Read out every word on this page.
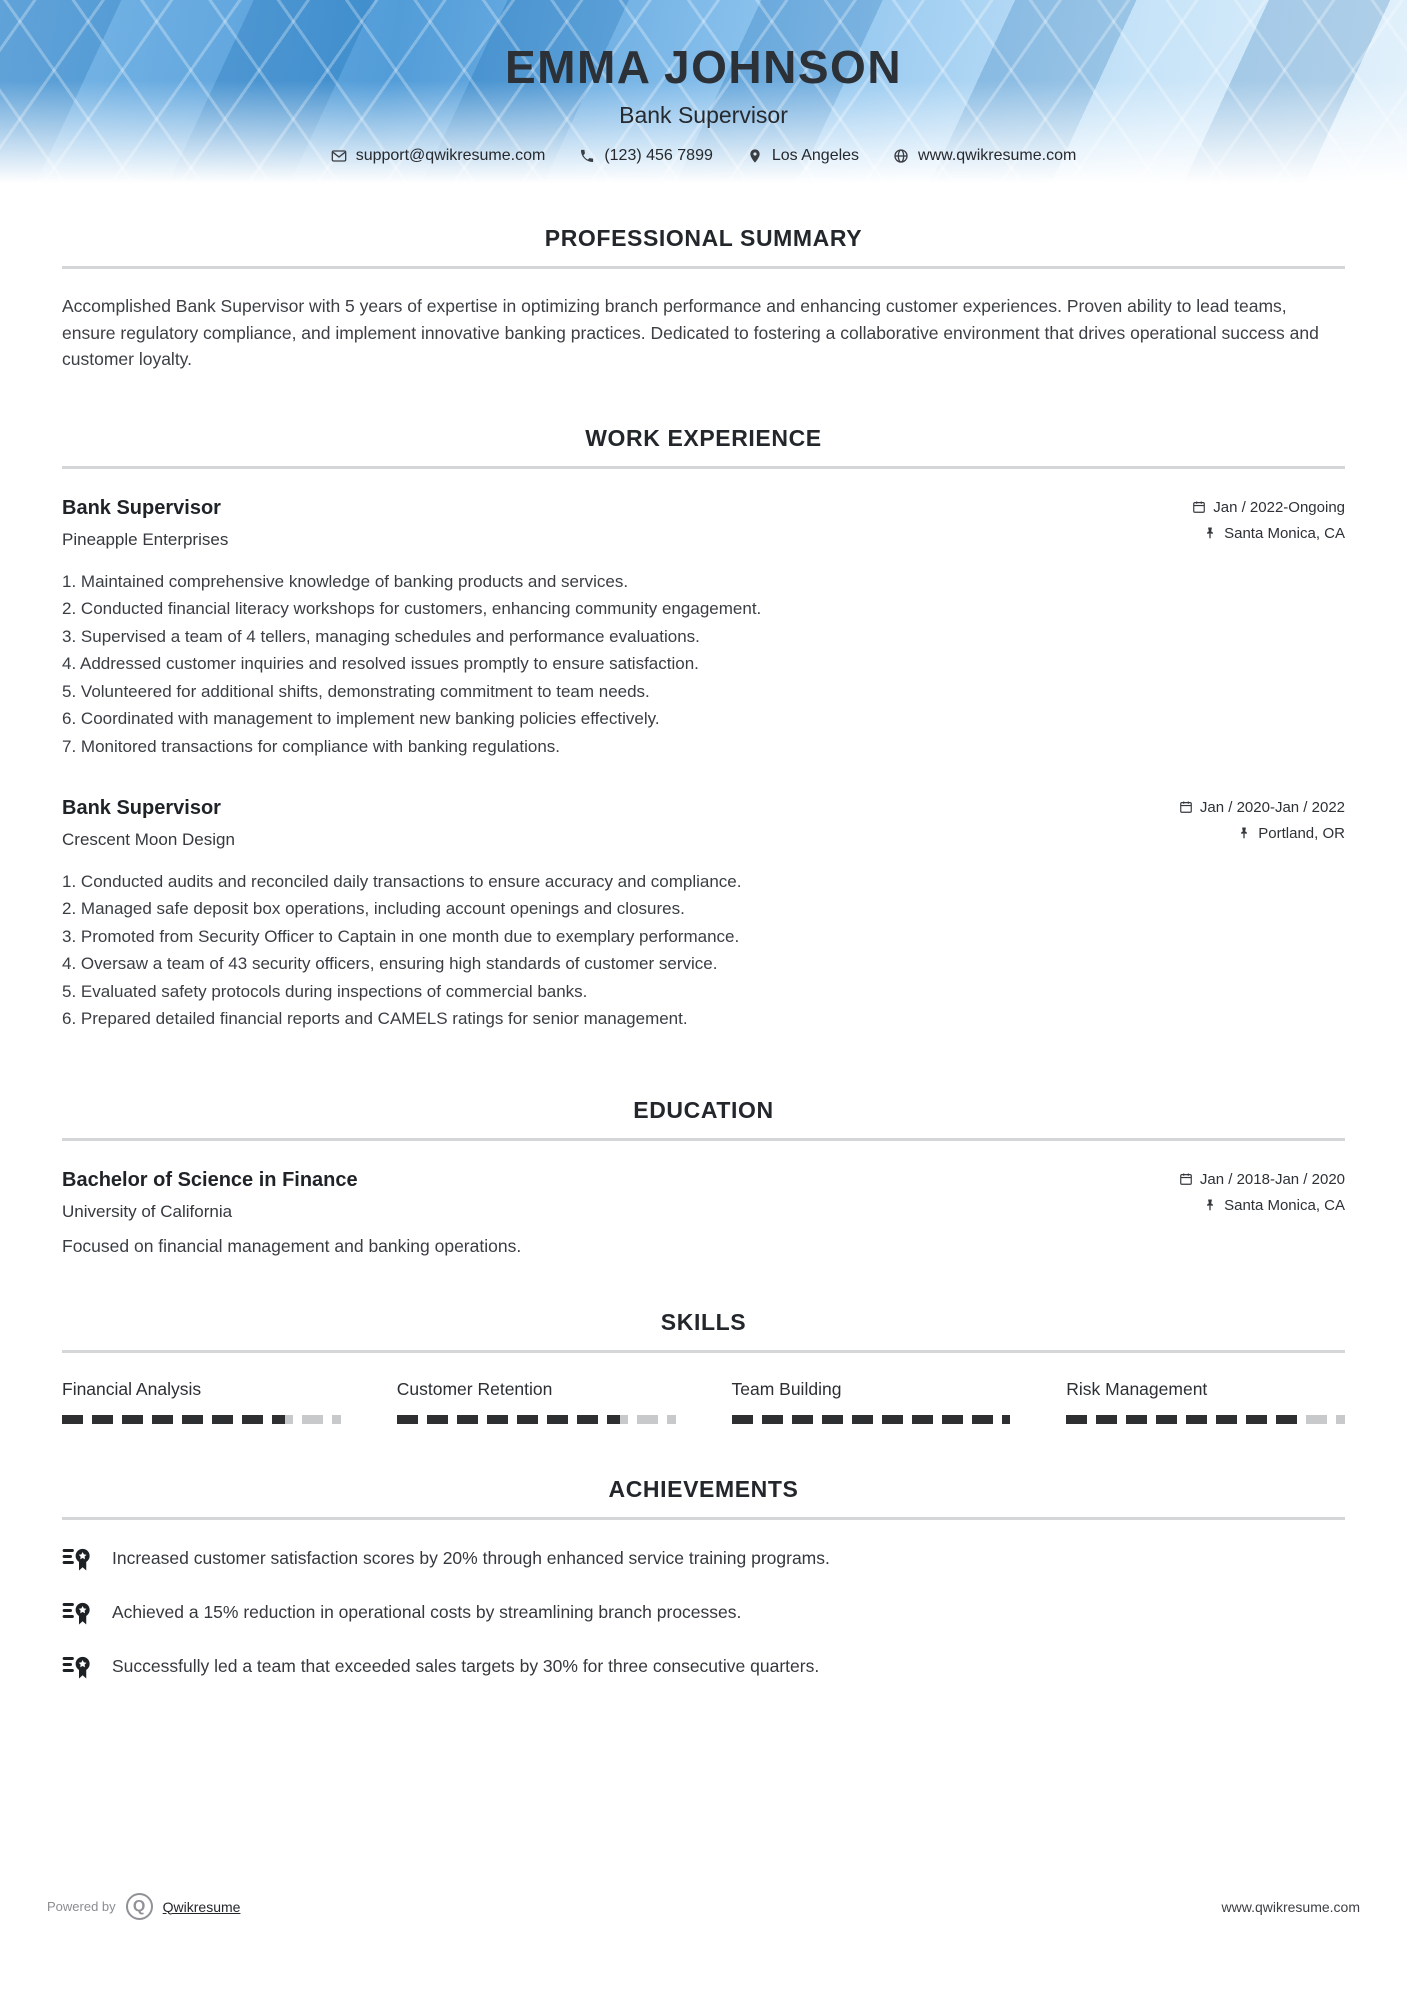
EMMA JOHNSON
Bank Supervisor
support@qwikresume.com	(123) 456 7899	Los Angeles	www.qwikresume.com
PROFESSIONAL SUMMARY

Accomplished Bank Supervisor with 5 years of expertise in optimizing branch performance and enhancing customer experiences. Proven ability to lead teams, ensure regulatory compliance, and implement innovative banking practices. Dedicated to fostering a collaborative environment that drives operational success and customer loyalty.

WORK EXPERIENCE
Bank Supervisor
Pineapple Enterprises
Jan / 2022-Ongoing
Santa Monica, CA
Maintained comprehensive knowledge of banking products and services.
Conducted financial literacy workshops for customers, enhancing community engagement.
Supervised a team of 4 tellers, managing schedules and performance evaluations.
Addressed customer inquiries and resolved issues promptly to ensure satisfaction.
Volunteered for additional shifts, demonstrating commitment to team needs.
Coordinated with management to implement new banking policies effectively.
Monitored transactions for compliance with banking regulations.
Bank Supervisor
Crescent Moon Design
Jan / 2020-Jan / 2022
Portland, OR
Conducted audits and reconciled daily transactions to ensure accuracy and compliance.
Managed safe deposit box operations, including account openings and closures.
Promoted from Security Officer to Captain in one month due to exemplary performance.
Oversaw a team of 43 security officers, ensuring high standards of customer service.
Evaluated safety protocols during inspections of commercial banks.
Prepared detailed financial reports and CAMELS ratings for senior management.
EDUCATION
Bachelor of Science in Finance
University of California
Jan / 2018-Jan / 2020
Santa Monica, CA

Focused on financial management and banking operations.

SKILLS
Financial Analysis	Customer Retention	Team Building	Risk Management
ACHIEVEMENTS
Increased customer satisfaction scores by 20% through enhanced service training programs.
Achieved a 15% reduction in operational costs by streamlining branch processes.
Successfully led a team that exceeded sales targets by 30% for three consecutive quarters.
Powered by	Q	Qwikresume	www.qwikresume.com
